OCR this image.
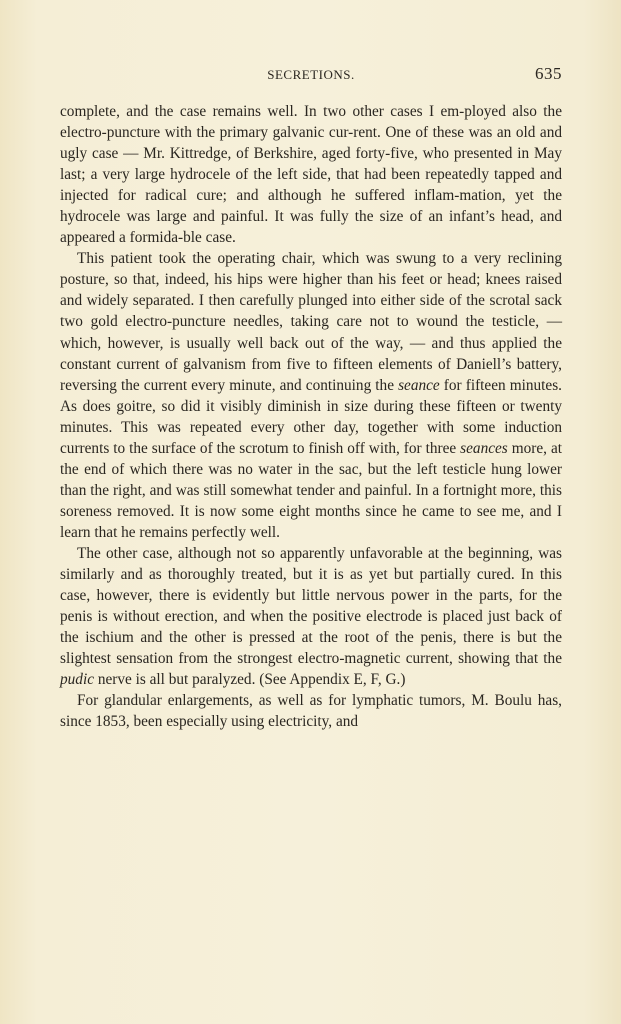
SECRETIONS.	635

complete, and the case remains well. In two other cases I em-ployed also the electro-puncture with the primary galvanic cur-rent. One of these was an old and ugly case — Mr. Kittredge, of Berkshire, aged forty-five, who presented in May last; a very large hydrocele of the left side, that had been repeatedly tapped and injected for radical cure; and although he suffered inflam-mation, yet the hydrocele was large and painful. It was fully the size of an infant’s head, and appeared a formida-ble case.

This patient took the operating chair, which was swung to a very reclining posture, so that, indeed, his hips were higher than his feet or head; knees raised and widely separated. I then carefully plunged into either side of the scrotal sack two gold electro-puncture needles, taking care not to wound the testicle, — which, however, is usually well back out of the way, — and thus applied the constant current of galvanism from five to fifteen elements of Daniell’s battery, reversing the current every minute, and continuing the seance for fifteen minutes. As does goitre, so did it visibly diminish in size during these fifteen or twenty minutes. This was repeated every other day, together with some induction currents to the surface of the scrotum to finish off with, for three seances more, at the end of which there was no water in the sac, but the left testicle hung lower than the right, and was still somewhat tender and painful. In a fortnight more, this soreness removed. It is now some eight months since he came to see me, and I learn that he remains perfectly well.

The other case, although not so apparently unfavorable at the beginning, was similarly and as thoroughly treated, but it is as yet but partially cured. In this case, however, there is evidently but little nervous power in the parts, for the penis is without erection, and when the positive electrode is placed just back of the ischium and the other is pressed at the root of the penis, there is but the slightest sensation from the strongest electro-magnetic current, showing that the pudic nerve is all but paralyzed. (See Appendix E, F, G.)

For glandular enlargements, as well as for lymphatic tumors, M. Boulu has, since 1853, been especially using electricity, and
